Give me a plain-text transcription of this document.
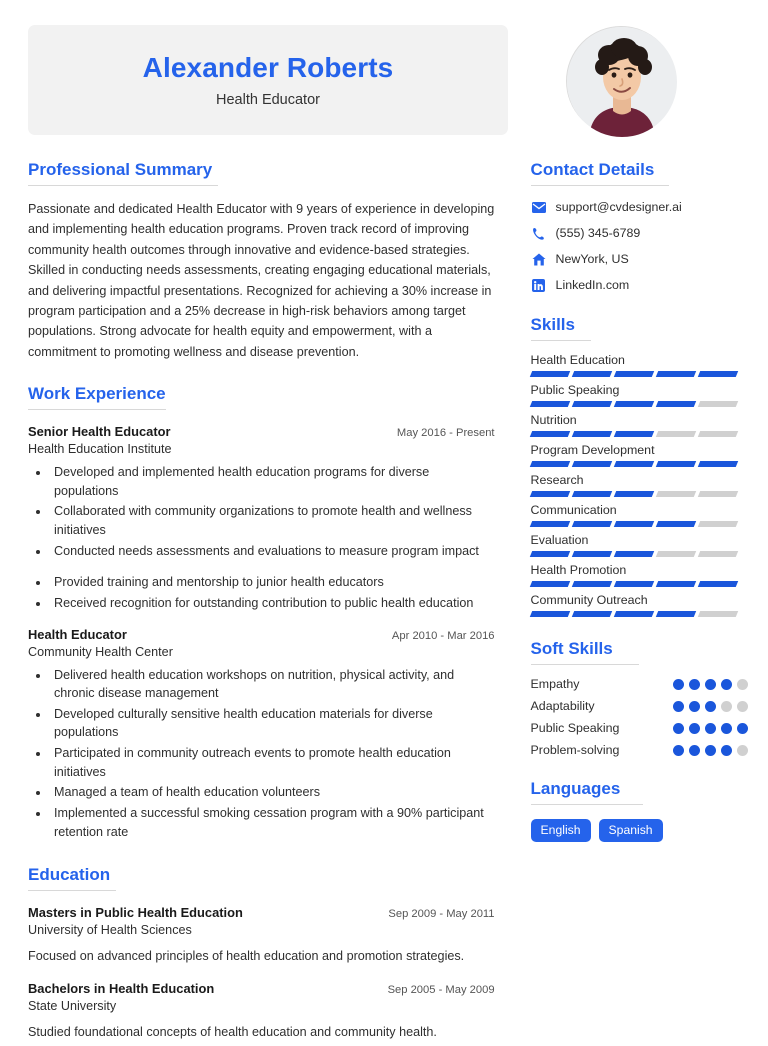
Alexander Roberts
Health Educator
Professional Summary
Passionate and dedicated Health Educator with 9 years of experience in developing and implementing health education programs. Proven track record of improving community health outcomes through innovative and evidence-based strategies. Skilled in conducting needs assessments, creating engaging educational materials, and delivering impactful presentations. Recognized for achieving a 30% increase in program participation and a 25% decrease in high-risk behaviors among target populations. Strong advocate for health equity and empowerment, with a commitment to promoting wellness and disease prevention.
Work Experience
Senior Health Educator	May 2016 - Present
Health Education Institute
• Developed and implemented health education programs for diverse populations
• Collaborated with community organizations to promote health and wellness initiatives
• Conducted needs assessments and evaluations to measure program impact
• Provided training and mentorship to junior health educators
• Received recognition for outstanding contribution to public health education
Health Educator	Apr 2010 - Mar 2016
Community Health Center
• Delivered health education workshops on nutrition, physical activity, and chronic disease management
• Developed culturally sensitive health education materials for diverse populations
• Participated in community outreach events to promote health education initiatives
• Managed a team of health education volunteers
• Implemented a successful smoking cessation program with a 90% participant retention rate
Education
Masters in Public Health Education	Sep 2009 - May 2011
University of Health Sciences
Focused on advanced principles of health education and promotion strategies.
Bachelors in Health Education	Sep 2005 - May 2009
State University
Studied foundational concepts of health education and community health.
Contact Details
support@cvdesigner.ai
(555) 345-6789
NewYork, US
LinkedIn.com
Skills
Health Education
Public Speaking
Nutrition
Program Development
Research
Communication
Evaluation
Health Promotion
Community Outreach
Soft Skills
Empathy
Adaptability
Public Speaking
Problem-solving
Languages
English	Spanish
